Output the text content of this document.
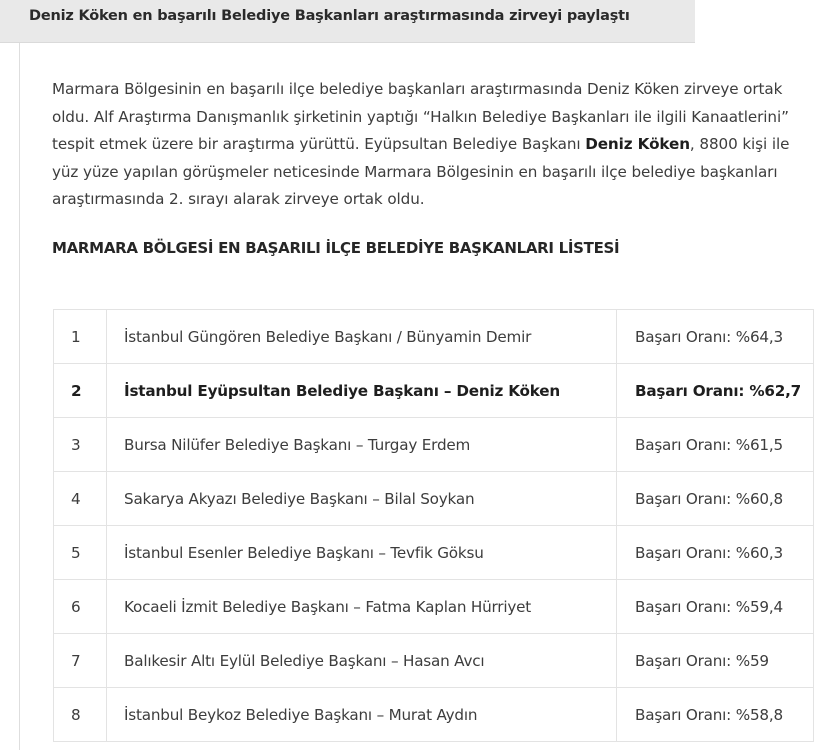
Deniz Köken en başarılı Belediye Başkanları araştırmasında zirveyi paylaştı

Marmara Bölgesinin en başarılı ilçe belediye başkanları araştırmasında Deniz Köken zirveye ortak oldu. Alf Araştırma Danışmanlık şirketinin yaptığı “Halkın Belediye Başkanları ile ilgili Kanaatlerini” tespit etmek üzere bir araştırma yürüttü. Eyüpsultan Belediye Başkanı Deniz Köken, 8800 kişi ile yüz yüze yapılan görüşmeler neticesinde Marmara Bölgesinin en başarılı ilçe belediye başkanları araştırmasında 2. sırayı alarak zirveye ortak oldu.

MARMARA BÖLGESİ EN BAŞARILI İLÇE BELEDİYE BAŞKANLARI LİSTESİ
1	İstanbul Güngören Belediye Başkanı / Bünyamin Demir	Başarı Oranı: %64,3
2	İstanbul Eyüpsultan Belediye Başkanı – Deniz Köken	Başarı Oranı: %62,7
3	Bursa Nilüfer Belediye Başkanı – Turgay Erdem	Başarı Oranı: %61,5
4	Sakarya Akyazı Belediye Başkanı – Bilal Soykan	Başarı Oranı: %60,8
5	İstanbul Esenler Belediye Başkanı – Tevfik Göksu	Başarı Oranı: %60,3
6	Kocaeli İzmit Belediye Başkanı – Fatma Kaplan Hürriyet	Başarı Oranı: %59,4
7	Balıkesir Altı Eylül Belediye Başkanı – Hasan Avcı	Başarı Oranı: %59
8	İstanbul Beykoz Belediye Başkanı – Murat Aydın	Başarı Oranı: %58,8
